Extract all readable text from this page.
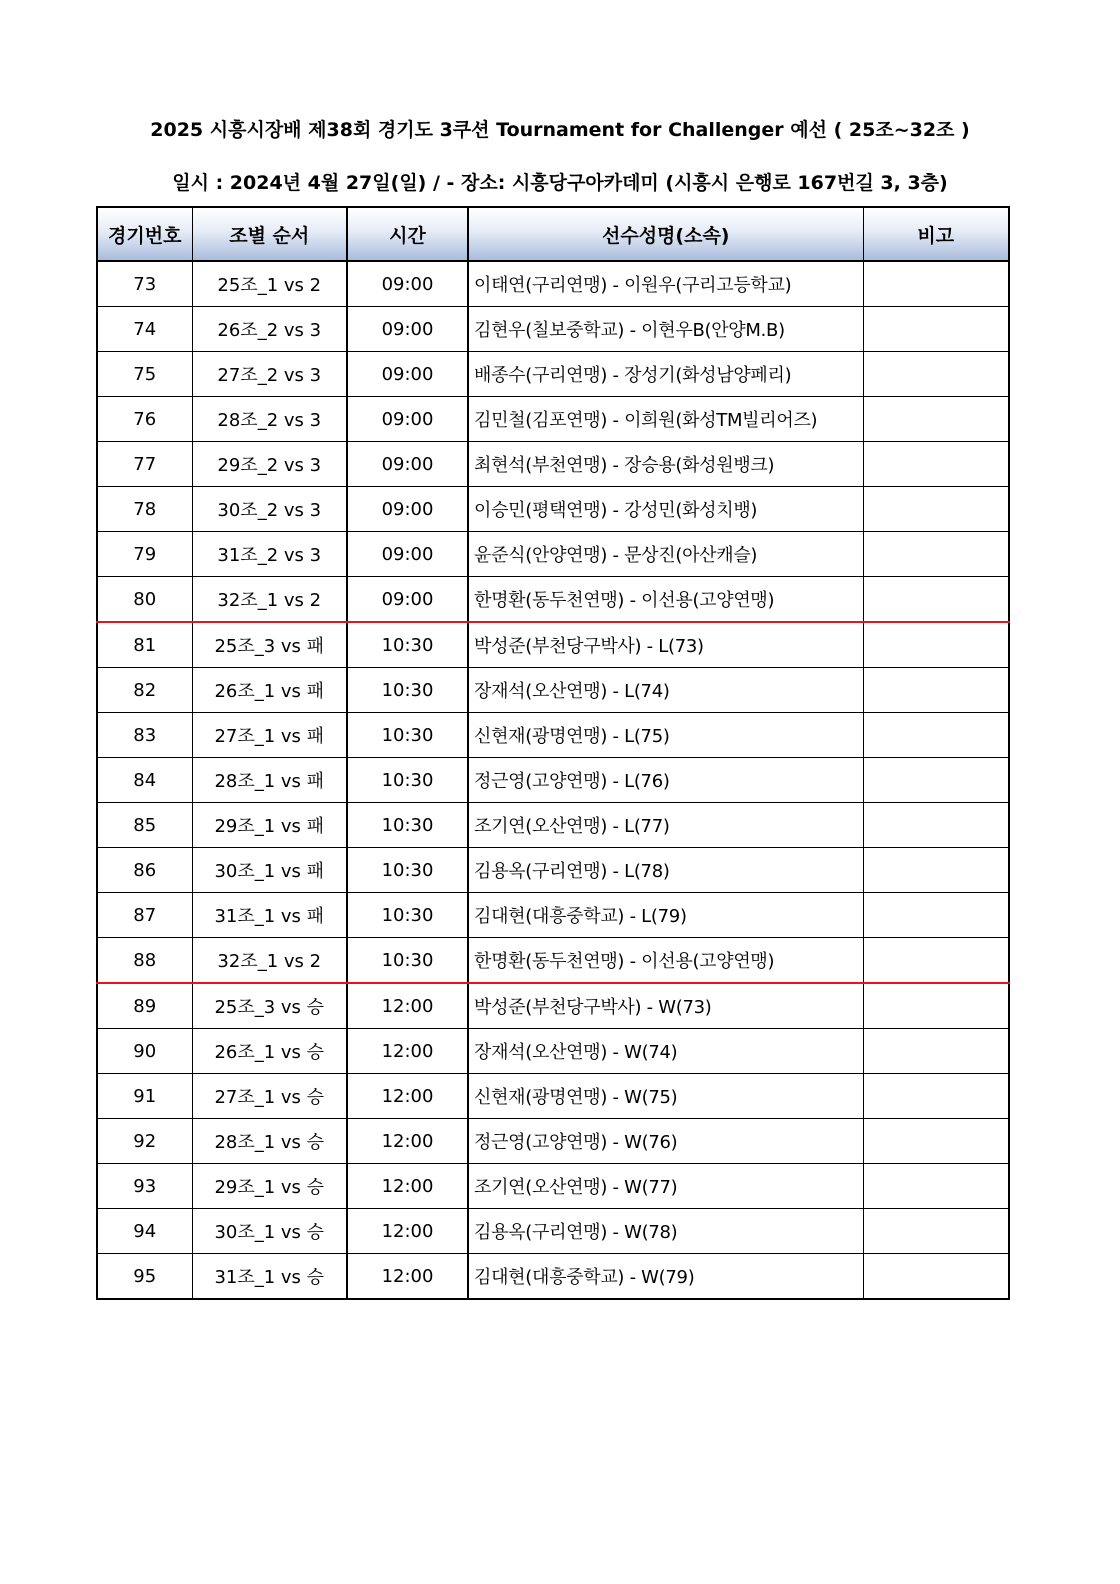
2025 시흥시장배 제38회 경기도 3쿠션 Tournament for Challenger 예선 ( 25조~32조 )
일시 : 2024년 4월 27일(일) / - 장소: 시흥당구아카데미 (시흥시 은행로 167번길 3, 3층)
경기번호	조별 순서	시간	선수성명(소속)	비고
73	25조_1 vs 2	09:00	이태연(구리연맹) - 이원우(구리고등학교)	
74	26조_2 vs 3	09:00	김현우(칠보중학교) - 이현우B(안양M.B)	
75	27조_2 vs 3	09:00	배종수(구리연맹) - 장성기(화성남양페리)	
76	28조_2 vs 3	09:00	김민철(김포연맹) - 이희원(화성TM빌리어즈)	
77	29조_2 vs 3	09:00	최현석(부천연맹) - 장승용(화성원뱅크)	
78	30조_2 vs 3	09:00	이승민(평택연맹) - 강성민(화성치뱅)	
79	31조_2 vs 3	09:00	윤준식(안양연맹) - 문상진(아산캐슬)	
80	32조_1 vs 2	09:00	한명환(동두천연맹) - 이선용(고양연맹)	
81	25조_3 vs 패	10:30	박성준(부천당구박사) - L(73)	
82	26조_1 vs 패	10:30	장재석(오산연맹) - L(74)	
83	27조_1 vs 패	10:30	신현재(광명연맹) - L(75)	
84	28조_1 vs 패	10:30	정근영(고양연맹) - L(76)	
85	29조_1 vs 패	10:30	조기연(오산연맹) - L(77)	
86	30조_1 vs 패	10:30	김용옥(구리연맹) - L(78)	
87	31조_1 vs 패	10:30	김대현(대흥중학교) - L(79)	
88	32조_1 vs 2	10:30	한명환(동두천연맹) - 이선용(고양연맹)	
89	25조_3 vs 승	12:00	박성준(부천당구박사) - W(73)	
90	26조_1 vs 승	12:00	장재석(오산연맹) - W(74)	
91	27조_1 vs 승	12:00	신현재(광명연맹) - W(75)	
92	28조_1 vs 승	12:00	정근영(고양연맹) - W(76)	
93	29조_1 vs 승	12:00	조기연(오산연맹) - W(77)	
94	30조_1 vs 승	12:00	김용옥(구리연맹) - W(78)	
95	31조_1 vs 승	12:00	김대현(대흥중학교) - W(79)	
